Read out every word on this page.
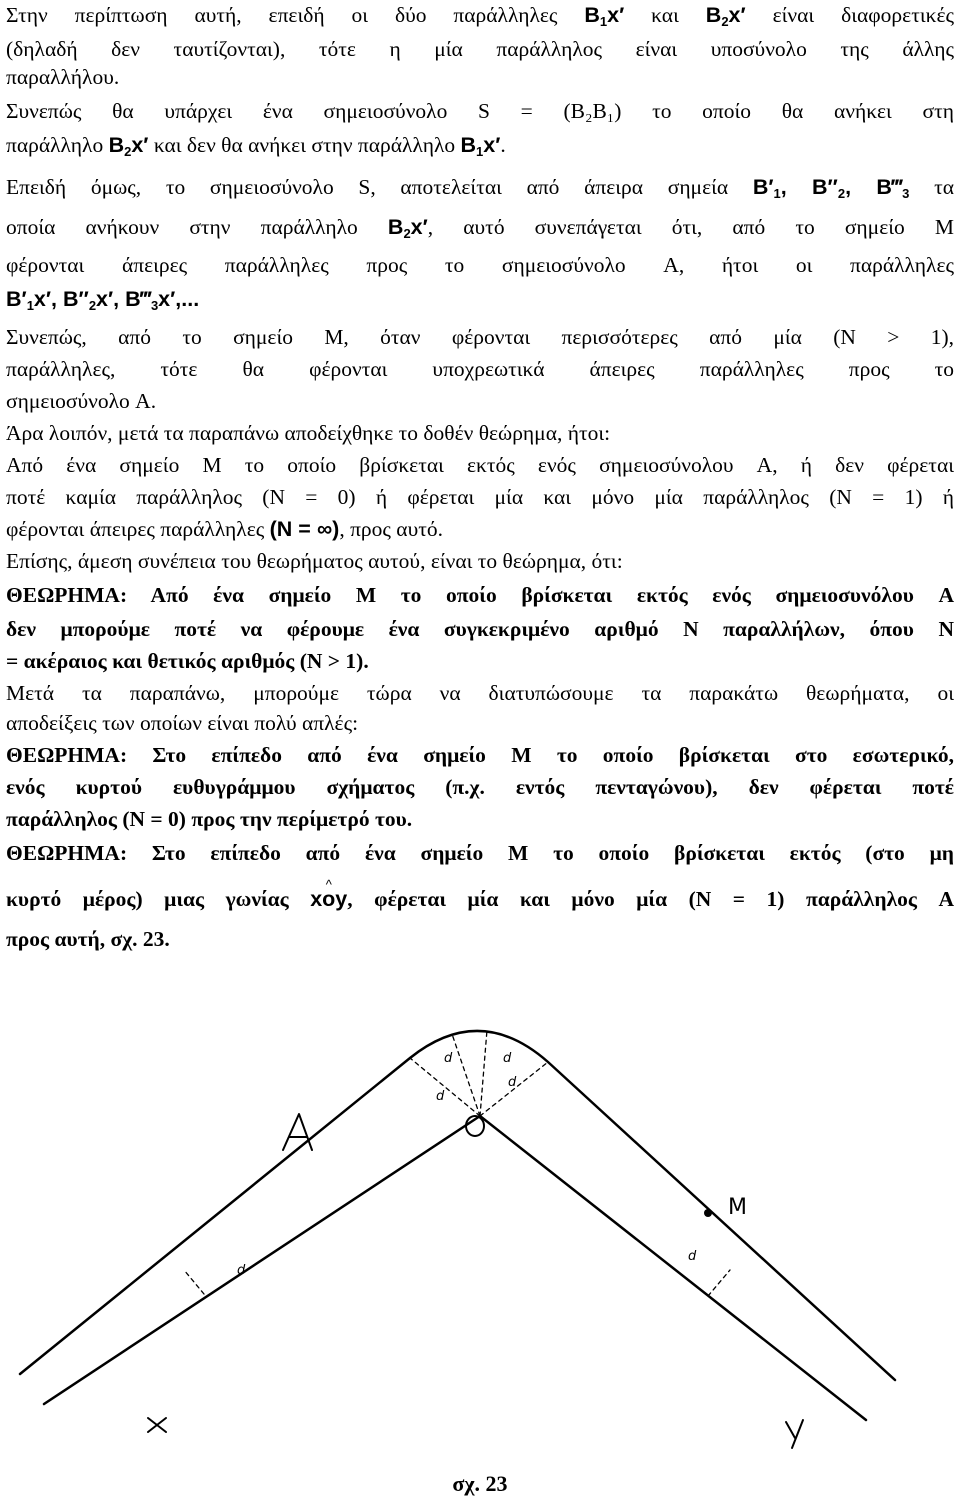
Στην περίπτωση αυτή, επειδή οι δύο παράλληλες $B_1x'$ και $B_2x'$ είναι διαφορετικές
(δηλαδή δεν ταυτίζονται), τότε η μία παράλληλος είναι υποσύνολο της άλλης
παραλλήλου.
Συνεπώς θα υπάρχει ένα σημειοσύνολο S = (B₂B₁) το οποίο θα ανήκει στη
παράλληλο $B_2x'$ και δεν θα ανήκει στην παράλληλο $B_1x'$.
Επειδή όμως, το σημειοσύνολο S, αποτελείται από άπειρα σημεία $B'_1$, $B''_2$, $B‴_3$ τα
οποία ανήκουν στην παράλληλο $B_2x'$, αυτό συνεπάγεται ότι, από το σημείο M
φέρονται άπειρες παράλληλες προς το σημειοσύνολο A, ήτοι οι παράλληλες
$B'_1x'$, $B''_2x'$, $B‴_3x'$,...
Συνεπώς, από το σημείο M, όταν φέρονται περισσότερες από μία (N > 1),
παράλληλες, τότε θα φέρονται υποχρεωτικά άπειρες παράλληλες προς το
σημειοσύνολο A.
Άρα λοιπόν, μετά τα παραπάνω αποδείχθηκε το δοθέν θεώρημα, ήτοι:
Από ένα σημείο M το οποίο βρίσκεται εκτός ενός σημειοσύνολου A, ή δεν φέρεται
ποτέ καμία παράλληλος (N = 0) ή φέρεται μία και μόνο μία παράλληλος (N = 1) ή
φέρονται άπειρες παράλληλες (N = ∞), προς αυτό.
Επίσης, άμεση συνέπεια του θεωρήματος αυτού, είναι το θεώρημα, ότι:
ΘΕΩΡΗΜΑ: Από ένα σημείο M το οποίο βρίσκεται εκτός ενός σημειοσυνόλου A
δεν μπορούμε ποτέ να φέρουμε ένα συγκεκριμένο αριθμό N παραλλήλων, όπου N
= ακέραιος και θετικός αριθμός (N > 1).
Μετά τα παραπάνω, μπορούμε τώρα να διατυπώσουμε τα παρακάτω θεωρήματα, οι
αποδείξεις των οποίων είναι πολύ απλές:
ΘΕΩΡΗΜΑ: Στο επίπεδο από ένα σημείο M το οποίο βρίσκεται στο εσωτερικό,
ενός κυρτού ευθυγράμμου σχήματος (π.χ. εντός πενταγώνου), δεν φέρεται ποτέ
παράλληλος (N = 0) προς την περίμετρό του.
ΘΕΩΡΗΜΑ: Στο επίπεδο από ένα σημείο M το οποίο βρίσκεται εκτός (στο μη
κυρτό μέρος) μιας γωνίας ^ xoy, φέρεται μία και μόνο μία (N = 1) παράλληλος A
προς αυτή, σχ. 23.
M
d	d
d
d
d
d
σχ. 23
